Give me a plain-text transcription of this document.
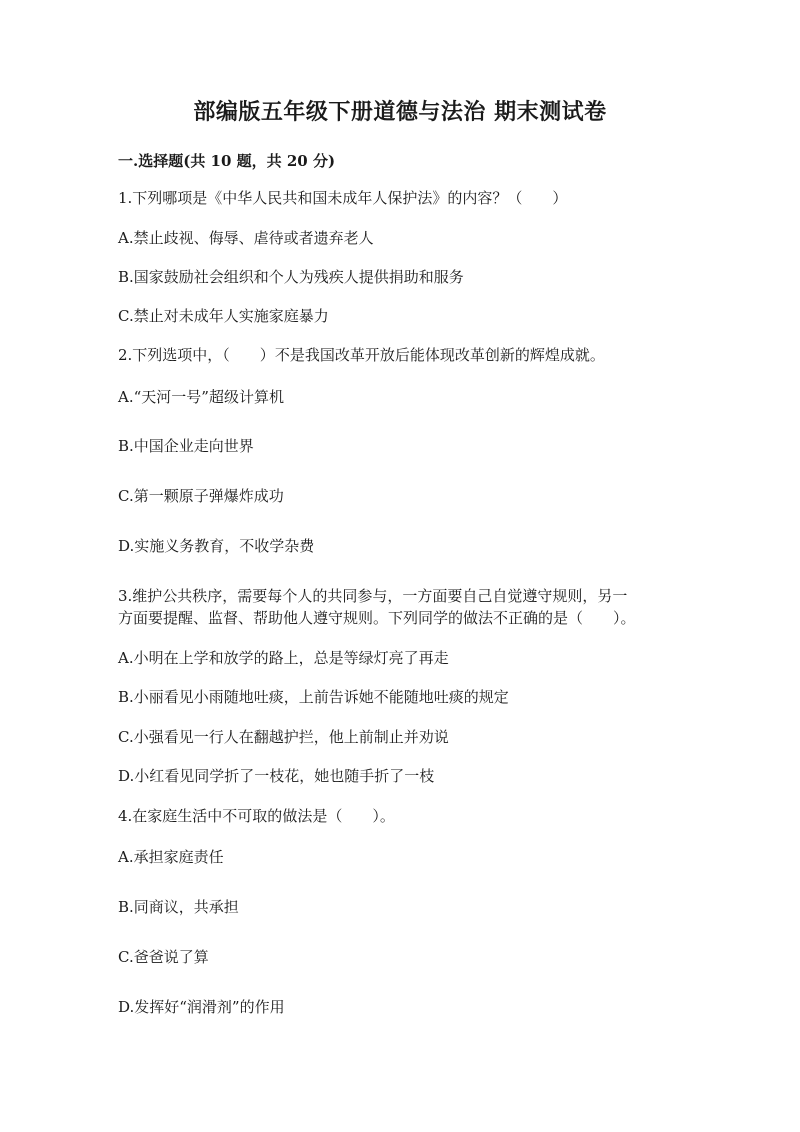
部编版五年级下册道德与法治 期末测试卷
一.选择题(共 10 题，共 20 分)
1.下列哪项是《中华人民共和国未成年人保护法》的内容？（　　）
A.禁止歧视、侮辱、虐待或者遗弃老人
B.国家鼓励社会组织和个人为残疾人提供捐助和服务
C.禁止对未成年人实施家庭暴力
2.下列选项中，（　　）不是我国改革开放后能体现改革创新的辉煌成就。
A.“天河一号”超级计算机
B.中国企业走向世界
C.第一颗原子弹爆炸成功
D.实施义务教育，不收学杂费
3.维护公共秩序，需要每个人的共同参与，一方面要自己自觉遵守规则，另一
方面要提醒、监督、帮助他人遵守规则。下列同学的做法不正确的是（　　）。
A.小明在上学和放学的路上，总是等绿灯亮了再走
B.小丽看见小雨随地吐痰，上前告诉她不能随地吐痰的规定
C.小强看见一行人在翻越护拦，他上前制止并劝说
D.小红看见同学折了一枝花，她也随手折了一枝
4.在家庭生活中不可取的做法是（　　）。
A.承担家庭责任
B.同商议，共承担
C.爸爸说了算
D.发挥好“润滑剂”的作用
